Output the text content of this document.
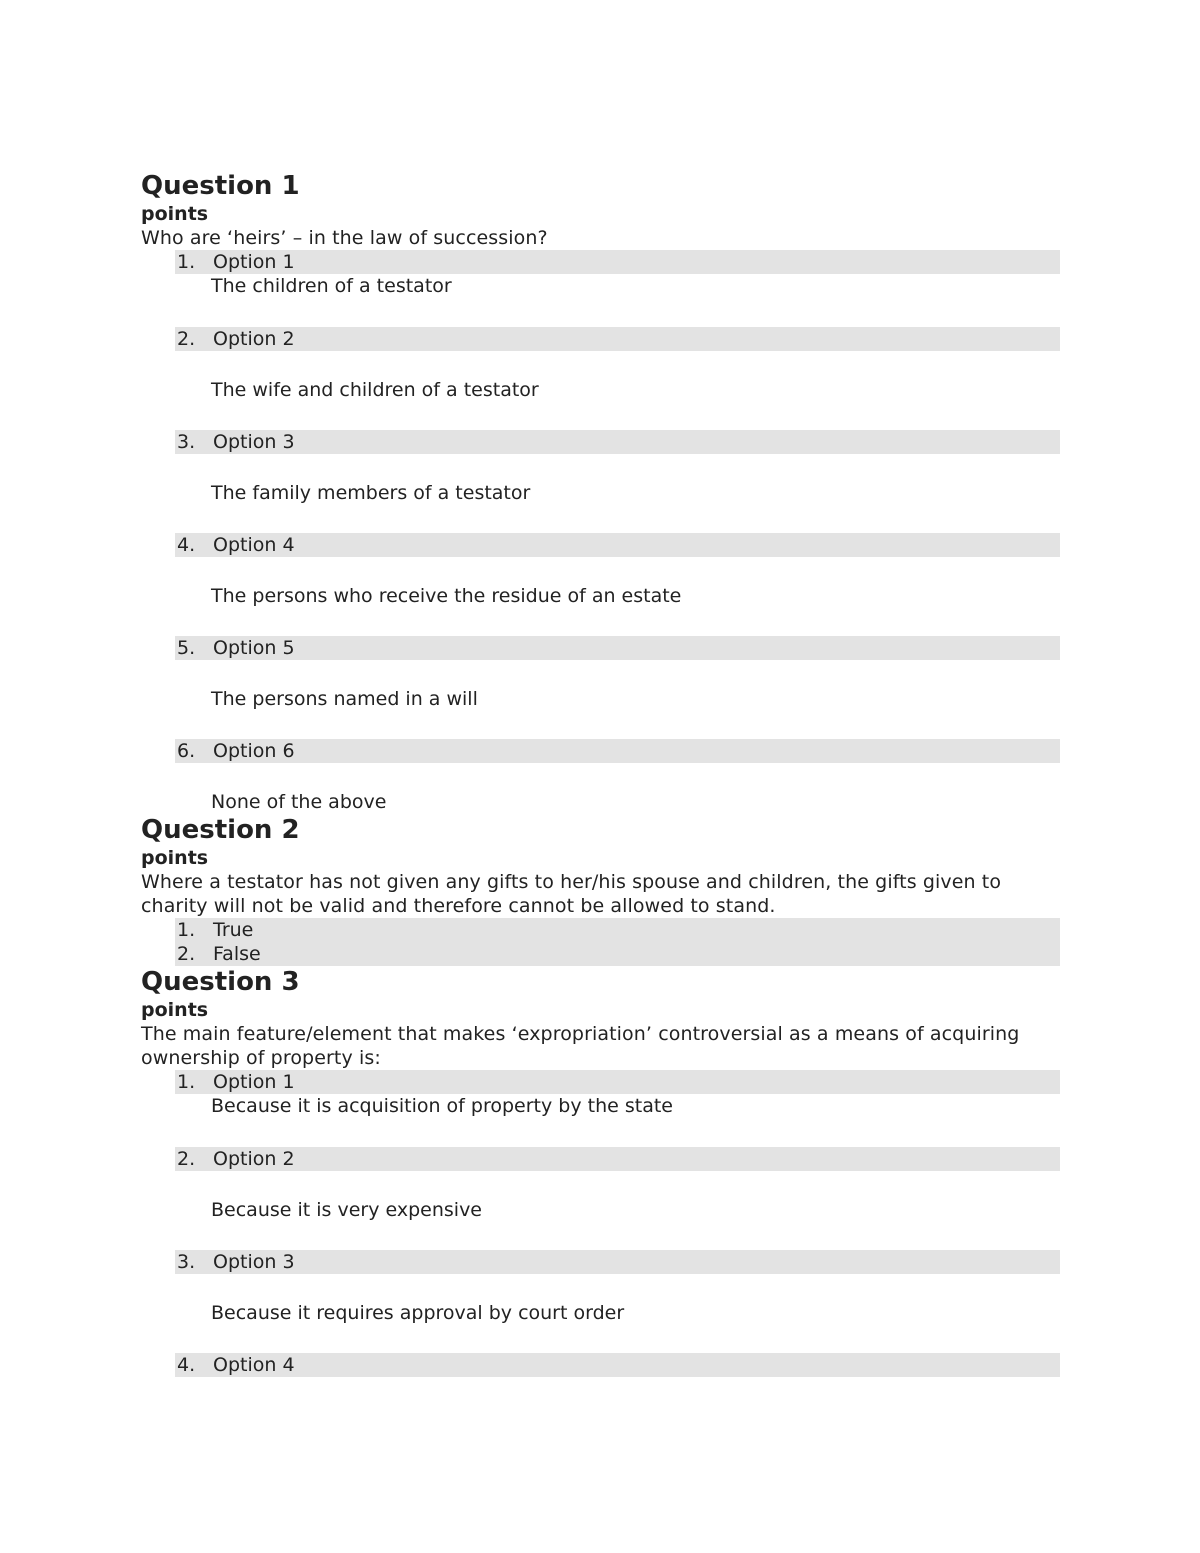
Question 1
points
Who are ‘heirs’ – in the law of succession?
1. Option 1
The children of a testator
2. Option 2
The wife and children of a testator
3. Option 3
The family members of a testator
4. Option 4
The persons who receive the residue of an estate
5. Option 5
The persons named in a will
6. Option 6
None of the above
Question 2
points
Where a testator has not given any gifts to her/his spouse and children, the gifts given to charity will not be valid and therefore cannot be allowed to stand.
1. True
2. False
Question 3
points
The main feature/element that makes ‘expropriation’ controversial as a means of acquiring ownership of property is:
1. Option 1
Because it is acquisition of property by the state
2. Option 2
Because it is very expensive
3. Option 3
Because it requires approval by court order
4. Option 4
